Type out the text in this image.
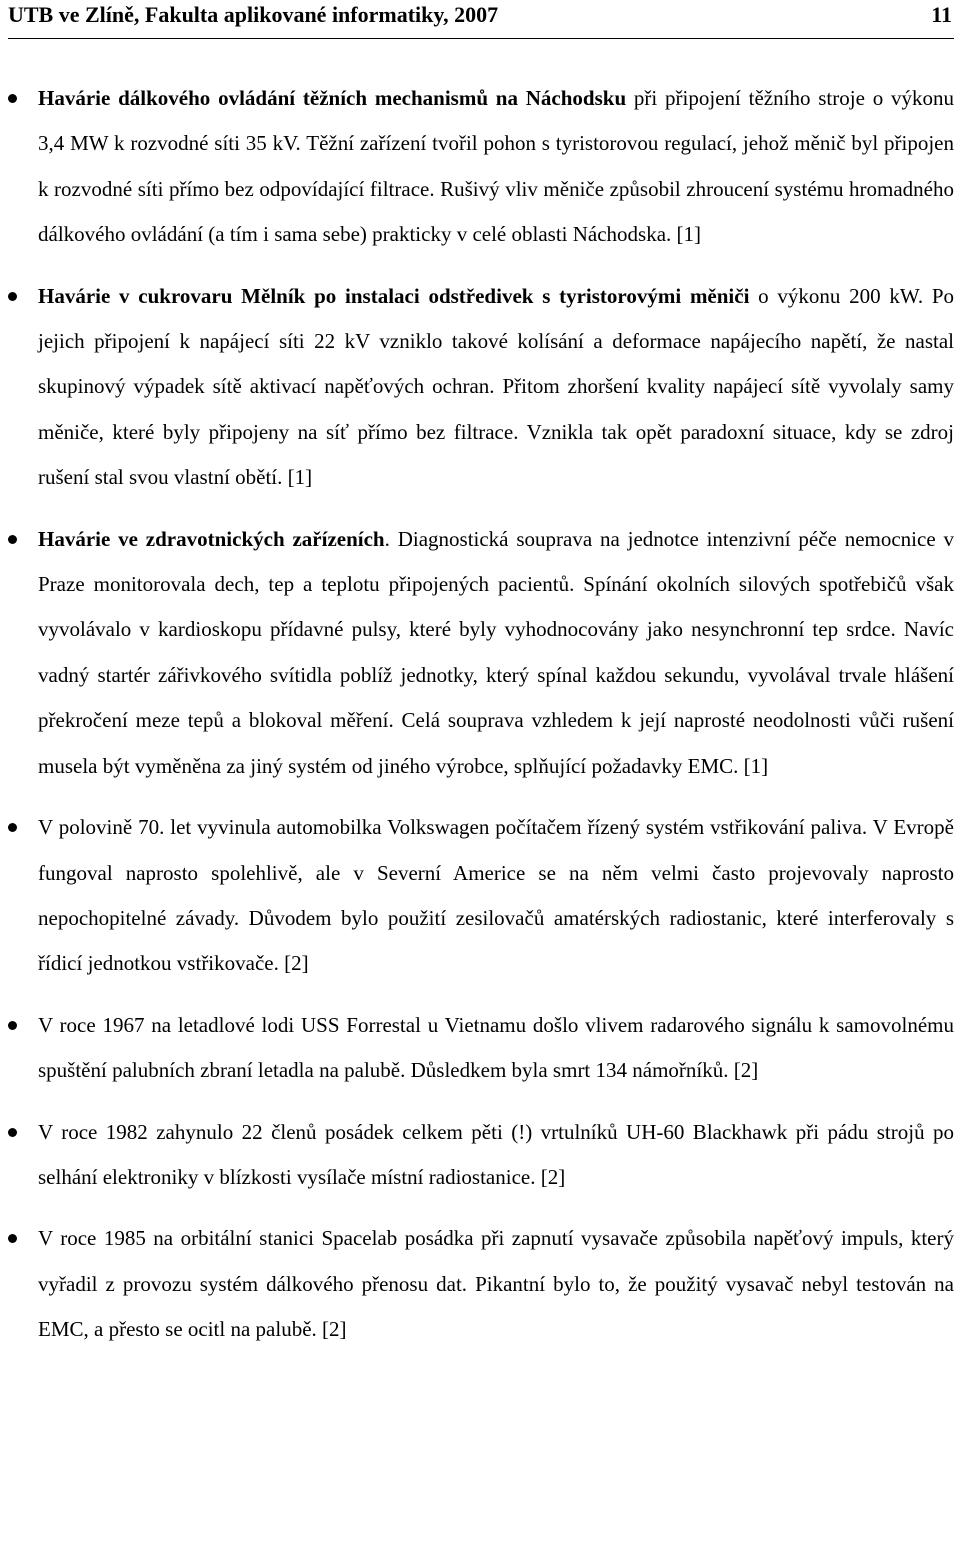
UTB ve Zlíně, Fakulta aplikované informatiky, 2007	11
Havárie dálkového ovládání těžních mechanismů na Náchodsku při připojení těžního stroje o výkonu 3,4 MW k rozvodné síti 35 kV. Těžní zařízení tvořil pohon s tyristorovou regulací, jehož měnič byl připojen k rozvodné síti přímo bez odpovídající filtrace. Rušivý vliv měniče způsobil zhroucení systému hromadného dálkového ovládání (a tím i sama sebe) prakticky v celé oblasti Náchodska. [1]
Havárie v cukrovaru Mělník po instalaci odstředivek s tyristorovými měniči o výkonu 200 kW. Po jejich připojení k napájecí síti 22 kV vzniklo takové kolísání a deformace napájecího napětí, že nastal skupinový výpadek sítě aktivací napěťových ochran. Přitom zhoršení kvality napájecí sítě vyvolaly samy měniče, které byly připojeny na síť přímo bez filtrace. Vznikla tak opět paradoxní situace, kdy se zdroj rušení stal svou vlastní obětí. [1]
Havárie ve zdravotnických zařízeních. Diagnostická souprava na jednotce intenzivní péče nemocnice v Praze monitorovala dech, tep a teplotu připojených pacientů. Spínání okolních silových spotřebičů však vyvolávalo v kardioskopu přídavné pulsy, které byly vyhodnocovány jako nesynchronní tep srdce. Navíc vadný startér zářivkového svítidla poblíž jednotky, který spínal každou sekundu, vyvolával trvale hlášení překročení meze tepů a blokoval měření. Celá souprava vzhledem k její naprosté neodolnosti vůči rušení musela být vyměněna za jiný systém od jiného výrobce, splňující požadavky EMC. [1]
V polovině 70. let vyvinula automobilka Volkswagen počítačem řízený systém vstřikování paliva. V Evropě fungoval naprosto spolehlivě, ale v Severní Americe se na něm velmi často projevovaly naprosto nepochopitelné závady. Důvodem bylo použití zesilovačů amatérských radiostanic, které interferovaly s řídicí jednotkou vstřikovače. [2]
V roce 1967 na letadlové lodi USS Forrestal u Vietnamu došlo vlivem radarového signálu k samovolnému spuštění palubních zbraní letadla na palubě. Důsledkem byla smrt 134 námořníků. [2]
V roce 1982 zahynulo 22 členů posádek celkem pěti (!) vrtulníků UH-60 Blackhawk při pádu strojů po selhání elektroniky v blízkosti vysílače místní radiostanice. [2]
V roce 1985 na orbitální stanici Spacelab posádka při zapnutí vysavače způsobila napěťový impuls, který vyřadil z provozu systém dálkového přenosu dat. Pikantní bylo to, že použitý vysavač nebyl testován na EMC, a přesto se ocitl na palubě. [2]
